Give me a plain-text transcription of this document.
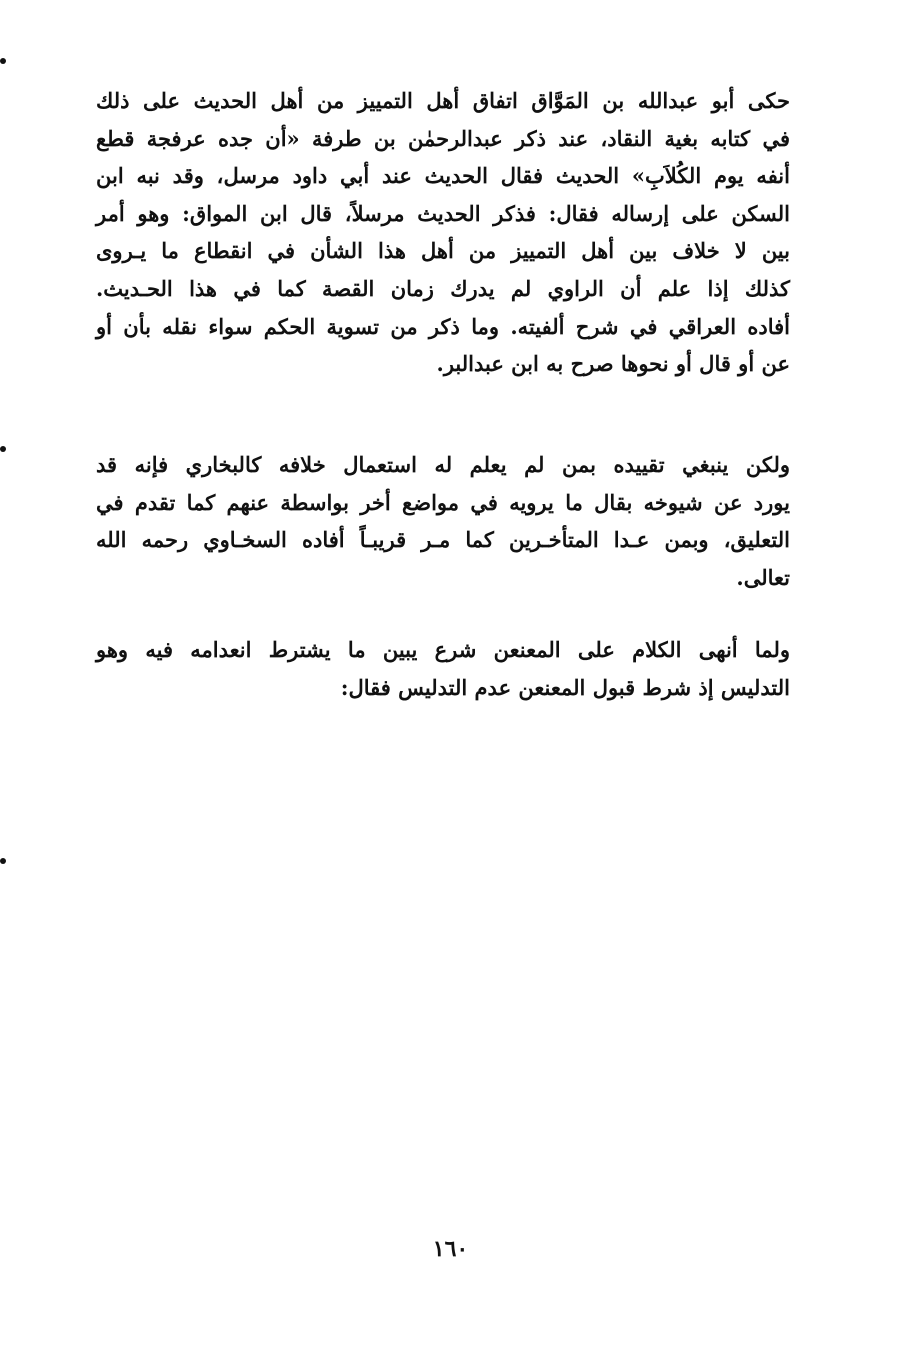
حكى أبو عبدالله بن المَوَّاق اتفاق أهل التمييز من أهل الحديث على ذلك
في كتابه بغية النقاد، عند ذكر عبدالرحمٰن بن طرفة «أن جده عرفجة قطع
أنفه يوم الكُلاَبِ» الحديث فقال الحديث عند أبي داود مرسل، وقد نبه ابن
السكن على إرساله فقال: فذكر الحديث مرسلاً، قال ابن المواق: وهو أمر
بين لا خلاف بين أهل التمييز من أهل هذا الشأن في انقطاع ما يـروى
كذلك إذا علم أن الراوي لم يدرك زمان القصة كما في هذا الحـديث.
أفاده العراقي في شرح ألفيته. وما ذكر من تسوية الحكم سواء نقله بأن أو
عن أو قال أو نحوها صرح به ابن عبدالبر.
ولكن ينبغي تقييده بمن لم يعلم له استعمال خلافه كالبخاري فإنه قد
يورد عن شيوخه بقال ما يرويه في مواضع أخر بواسطة عنهم كما تقدم في
التعليق، وبمن عـدا المتأخـرين كما مـر قريبـاً أفاده السخـاوي رحمه الله
تعالى.
ولما أنهى الكلام على المعنعن شرع يبين ما يشترط انعدامه فيه وهو
التدليس إذ شرط قبول المعنعن عدم التدليس فقال:
١٦٠
